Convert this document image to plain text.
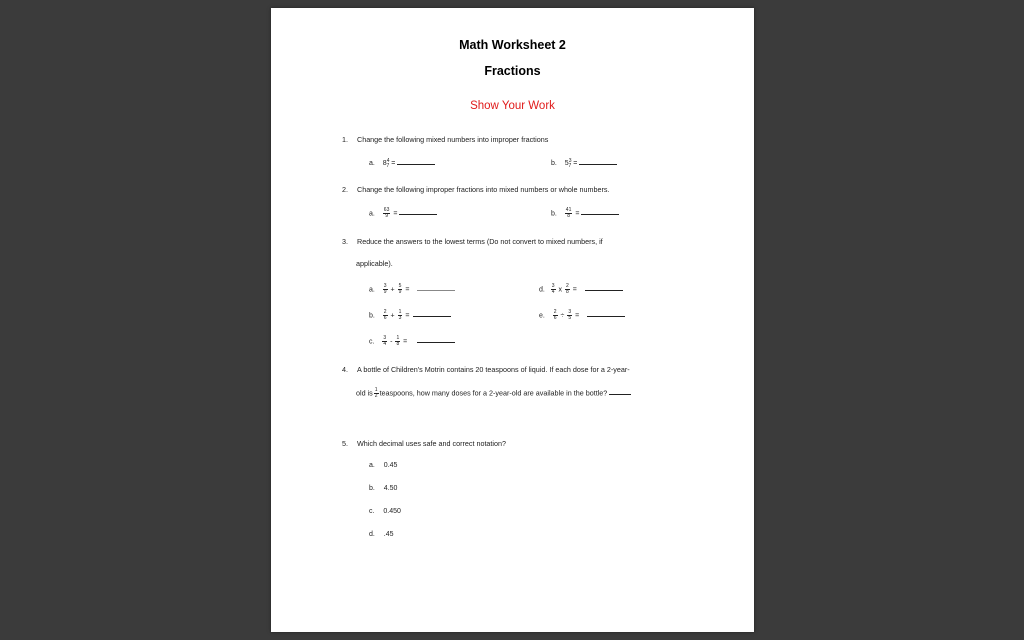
Math Worksheet 2
Fractions
Show Your Work
1. Change the following mixed numbers into improper fractions
a. $8^4_7$ =	b. $5^3_7$ =
2. Change the following improper fractions into mixed numbers or whole numbers.
a. $\frac{63}{9}$ =	b. $\frac{41}{8}$ =
3. Reduce the answers to the lowest terms (Do not convert to mixed numbers, if
applicable).
a. $\frac{3}{9} + \frac{5}{9}$ =
b. $\frac{2}{6} + \frac{1}{3}$ =
c. $\frac{3}{4} - \frac{1}{8}$ =
d. $\frac{3}{4}$ x $\frac{2}{8}$ =
e. $\frac{2}{6} \div \frac{3}{5}$ =
4. A bottle of Children's Motrin contains 20 teaspoons of liquid. If each dose for a 2-year-
old is $\frac{1}{2}$ teaspoons, how many doses for a 2-year-old are available in the bottle?
5. Which decimal uses safe and correct notation?
a. 0.45
b. 4.50
c. 0.450
d. .45
